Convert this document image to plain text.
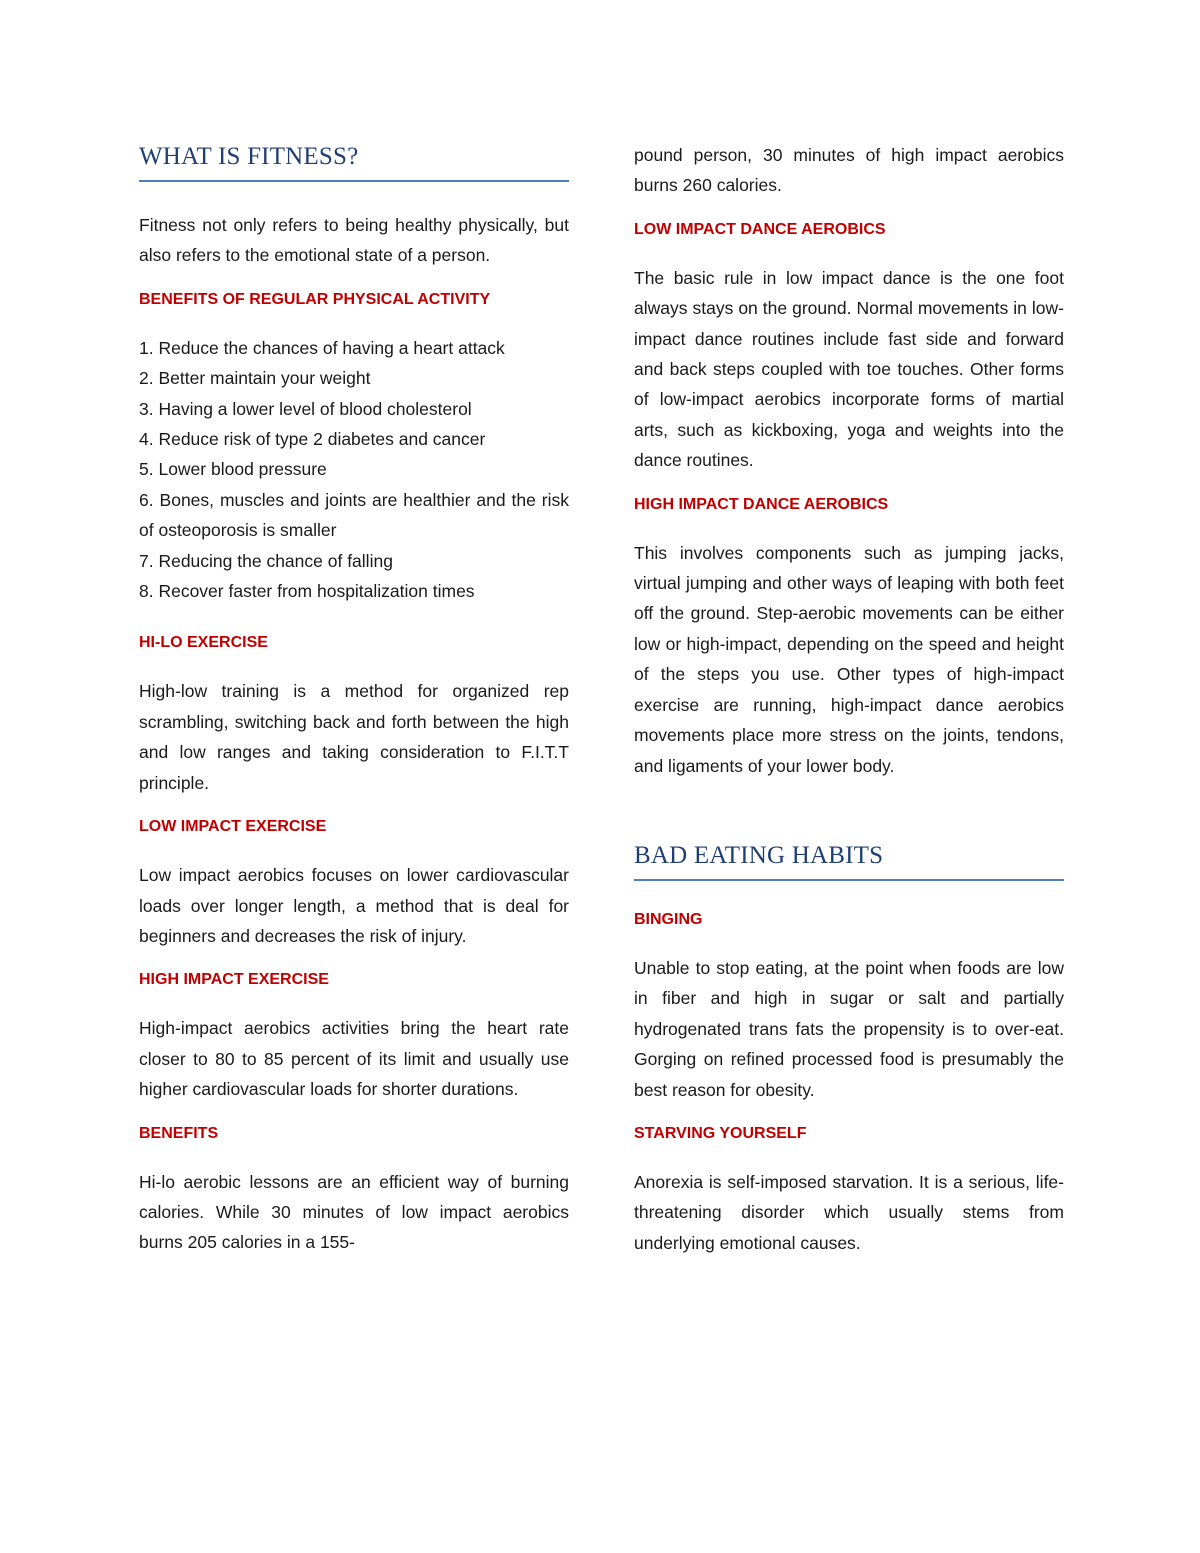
WHAT IS FITNESS?

Fitness not only refers to being healthy physically, but also refers to the emotional state of a person.

BENEFITS OF REGULAR PHYSICAL ACTIVITY
1. Reduce the chances of having a heart attack
2. Better maintain your weight
3. Having a lower level of blood cholesterol
4. Reduce risk of type 2 diabetes and cancer
5. Lower blood pressure
6. Bones, muscles and joints are healthier and the risk of osteoporosis is smaller
7. Reducing the chance of falling
8. Recover faster from hospitalization times
HI-LO EXERCISE

High-low training is a method for organized rep scrambling, switching back and forth between the high and low ranges and taking consideration to F.I.T.T principle.

LOW IMPACT EXERCISE

Low impact aerobics focuses on lower cardiovascular loads over longer length, a method that is deal for beginners and decreases the risk of injury.

HIGH IMPACT EXERCISE

High-impact aerobics activities bring the heart rate closer to 80 to 85 percent of its limit and usually use higher cardiovascular loads for shorter durations.

BENEFITS

Hi-lo aerobic lessons are an efficient way of burning calories. While 30 minutes of low impact aerobics burns 205 calories in a 155-

pound person, 30 minutes of high impact aerobics burns 260 calories.

LOW IMPACT DANCE AEROBICS

The basic rule in low impact dance is the one foot always stays on the ground. Normal movements in low-impact dance routines include fast side and forward and back steps coupled with toe touches. Other forms of low-impact aerobics incorporate forms of martial arts, such as kickboxing, yoga and weights into the dance routines.

HIGH IMPACT DANCE AEROBICS

This involves components such as jumping jacks, virtual jumping and other ways of leaping with both feet off the ground. Step-aerobic movements can be either low or high-impact, depending on the speed and height of the steps you use. Other types of high-impact exercise are running, high-impact dance aerobics movements place more stress on the joints, tendons, and ligaments of your lower body.

BAD EATING HABITS
BINGING

Unable to stop eating, at the point when foods are low in fiber and high in sugar or salt and partially hydrogenated trans fats the propensity is to over-eat. Gorging on refined processed food is presumably the best reason for obesity.

STARVING YOURSELF

Anorexia is self-imposed starvation. It is a serious, life-threatening disorder which usually stems from underlying emotional causes.
